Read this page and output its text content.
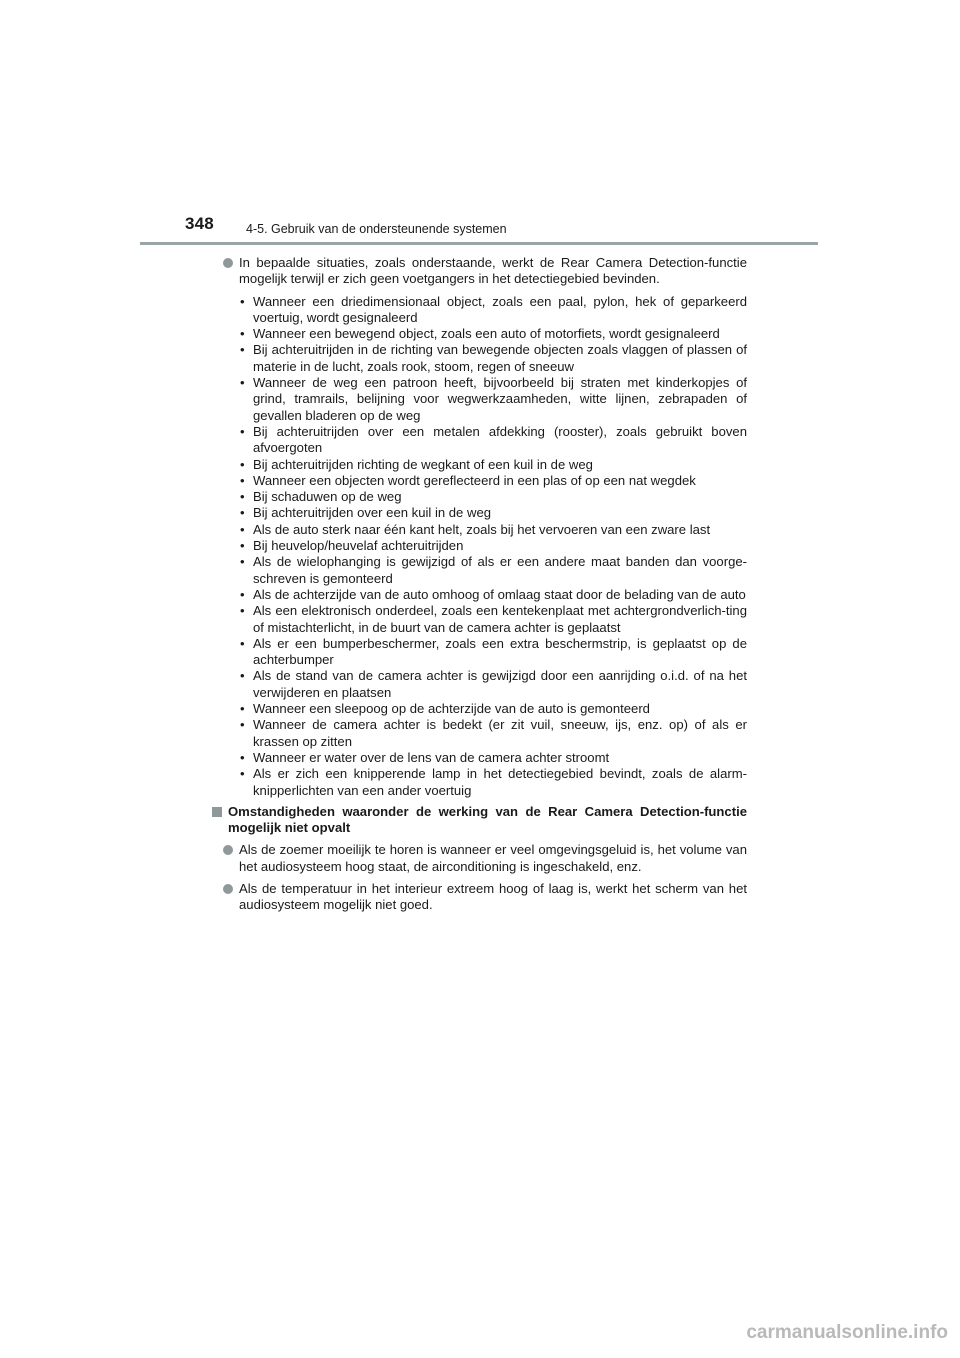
348	4-5. Gebruik van de ondersteunende systemen
In bepaalde situaties, zoals onderstaande, werkt de Rear Camera Detection-functie mogelijk terwijl er zich geen voetgangers in het detectiegebied bevinden.
• Wanneer een driedimensionaal object, zoals een paal, pylon, hek of geparkeerd voertuig, wordt gesignaleerd
• Wanneer een bewegend object, zoals een auto of motorfiets, wordt gesignaleerd
• Bij achteruitrijden in de richting van bewegende objecten zoals vlaggen of plassen of materie in de lucht, zoals rook, stoom, regen of sneeuw
• Wanneer de weg een patroon heeft, bijvoorbeeld bij straten met kinderkopjes of grind, tramrails, belijning voor wegwerkzaamheden, witte lijnen, zebrapaden of gevallen bladeren op de weg
• Bij achteruitrijden over een metalen afdekking (rooster), zoals gebruikt boven afvoergoten
• Bij achteruitrijden richting de wegkant of een kuil in de weg
• Wanneer een objecten wordt gereflecteerd in een plas of op een nat wegdek
• Bij schaduwen op de weg
• Bij achteruitrijden over een kuil in de weg
• Als de auto sterk naar één kant helt, zoals bij het vervoeren van een zware last
• Bij heuvelop/heuvelaf achteruitrijden
• Als de wielophanging is gewijzigd of als er een andere maat banden dan voorge-schreven is gemonteerd
• Als de achterzijde van de auto omhoog of omlaag staat door de belading van de auto
• Als een elektronisch onderdeel, zoals een kentekenplaat met achtergrondverlich-ting of mistachterlicht, in de buurt van de camera achter is geplaatst
• Als er een bumperbeschermer, zoals een extra beschermstrip, is geplaatst op de achterbumper
• Als de stand van de camera achter is gewijzigd door een aanrijding o.i.d. of na het verwijderen en plaatsen
• Wanneer een sleepoog op de achterzijde van de auto is gemonteerd
• Wanneer de camera achter is bedekt (er zit vuil, sneeuw, ijs, enz. op) of als er krassen op zitten
• Wanneer er water over de lens van de camera achter stroomt
• Als er zich een knipperende lamp in het detectiegebied bevindt, zoals de alarm-knipperlichten van een ander voertuig
Omstandigheden waaronder de werking van de Rear Camera Detection-functie mogelijk niet opvalt
Als de zoemer moeilijk te horen is wanneer er veel omgevingsgeluid is, het volume van het audiosysteem hoog staat, de airconditioning is ingeschakeld, enz.
Als de temperatuur in het interieur extreem hoog of laag is, werkt het scherm van het audiosysteem mogelijk niet goed.
carmanualsonline.info
